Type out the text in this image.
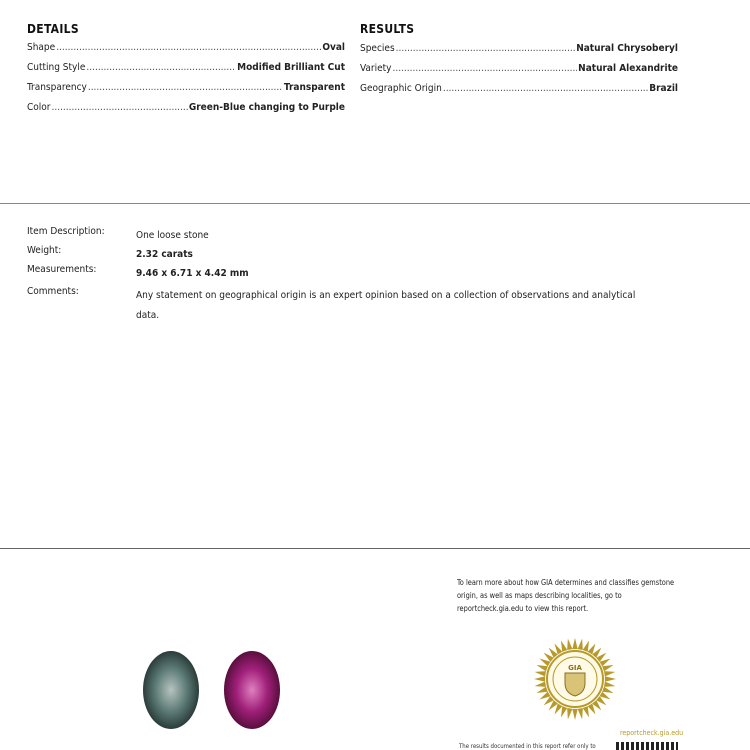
DETAILS
Shape .....	Oval
Cutting Style .....	Modified Brilliant Cut
Transparency .....	Transparent
Color .....	Green-Blue changing to Purple
RESULTS
Species .....	Natural Chrysoberyl
Variety .....	Natural Alexandrite
Geographic Origin .....	Brazil
Item Description:	One loose stone
Weight:	2.32 carats
Measurements:	9.46 x 6.71 x 4.42 mm
Comments:	Any statement on geographical origin is an expert opinion based on a collection of observations and analytical data.
To learn more about how GIA determines and classifies gemstone origin, as well as maps describing localities, go to reportcheck.gia.edu to view this report.
GIA
reportcheck.gia.edu
The results documented in this report refer only to
